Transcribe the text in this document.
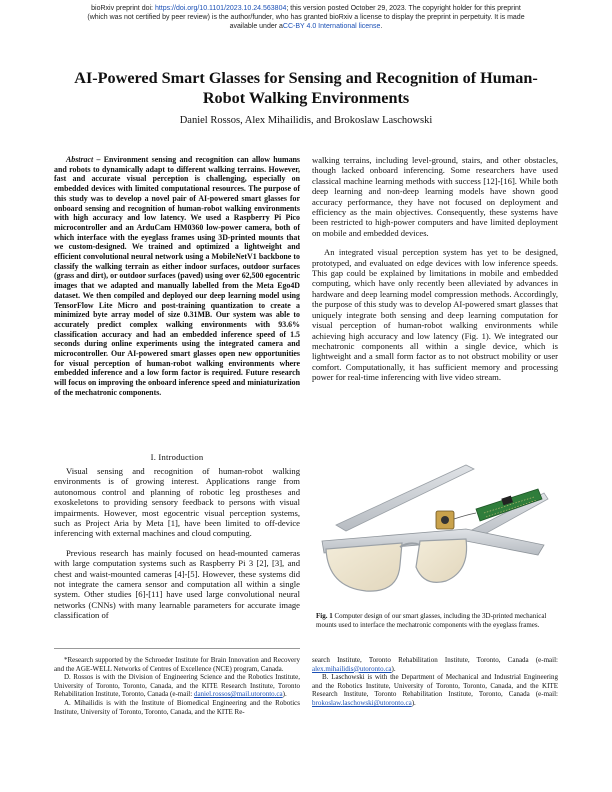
bioRxiv preprint doi: https://doi.org/10.1101/2023.10.24.563804; this version posted October 29, 2023. The copyright holder for this preprint
(which was not certified by peer review) is the author/funder, who has granted bioRxiv a license to display the preprint in perpetuity. It is made
available under aCC-BY 4.0 International license.
AI-Powered Smart Glasses for Sensing and Recognition of Human-Robot Walking Environments
Daniel Rossos, Alex Mihailidis, and Brokoslaw Laschowski

Abstract – Environment sensing and recognition can allow humans and robots to dynamically adapt to different walking terrains. However, fast and accurate visual perception is challenging, especially on embedded devices with limited computational resources. The purpose of this study was to develop a novel pair of AI-powered smart glasses for onboard sensing and recognition of human-robot walking environments with high accuracy and low latency. We used a Raspberry Pi Pico microcontroller and an ArduCam HM0360 low-power camera, both of which interface with the eyeglass frames using 3D-printed mounts that we custom-designed. We trained and optimized a lightweight and efficient convolutional neural network using a MobileNetV1 backbone to classify the walking terrain as either indoor surfaces, outdoor surfaces (grass and dirt), or outdoor surfaces (paved) using over 62,500 egocentric images that we adapted and manually labelled from the Meta Ego4D dataset. We then compiled and deployed our deep learning model using TensorFlow Lite Micro and post-training quantization to create a minimized byte array model of size 0.31MB. Our system was able to accurately predict complex walking environments with 93.6% classification accuracy and had an embedded inference speed of 1.5 seconds during online experiments using the integrated camera and microcontroller. Our AI-powered smart glasses open new opportunities for visual perception of human-robot walking environments where embedded inference and a low form factor is required. Future research will focus on improving the onboard inference speed and miniaturization of the mechatronic components.

I. Introduction

Visual sensing and recognition of human-robot walking environments is of growing interest. Applications range from autonomous control and planning of robotic leg prostheses and exoskeletons to providing sensory feedback to persons with visual impairments. However, most egocentric visual perception systems, such as Project Aria by Meta [1], have been limited to off-device inferencing with external machines and cloud computing.

Previous research has mainly focused on head-mounted cameras with large computation systems such as Raspberry Pi 3 [2], [3], and chest and waist-mounted cameras [4]-[5]. However, these systems did not integrate the camera sensor and computation all within a single system. Other studies [6]-[11] have used large convolutional neural networks (CNNs) with many learnable parameters for accurate image classification of

walking terrains, including level-ground, stairs, and other obstacles, though lacked onboard inferencing. Some researchers have used classical machine learning methods with success [12]-[16]. While both deep learning and non-deep learning models have shown good accuracy performance, they have not focused on deployment and efficiency as the main objectives. Consequently, these systems have been restricted to high-power computers and have limited deployment on mobile and embedded devices.

An integrated visual perception system has yet to be designed, prototyped, and evaluated on edge devices with low inference speeds. This gap could be explained by limitations in mobile and embedded computing, which have only recently been alleviated by advances in hardware and deep learning model compression methods. Accordingly, the purpose of this study was to develop AI-powered smart glasses that uniquely integrate both sensing and deep learning computation for visual perception of human-robot walking environments while achieving high accuracy and low latency (Fig. 1). We integrated our mechatronic components all within a single device, which is lightweight and a small form factor as to not obstruct mobility or user comfort. Computationally, it has sufficient memory and processing power for real-time inferencing with live video stream.

Fig. 1 Computer design of our smart glasses, including the 3D-printed mechanical mounts used to interface the mechatronic components with the eyeglass frames.

*Research supported by the Schroeder Institute for Brain Innovation and Recovery and the AGE-WELL Networks of Centres of Excellence (NCE) program, Canada.

D. Rossos is with the Division of Engineering Science and the Robotics Institute, University of Toronto, Toronto, Canada, and the KITE Research Institute, Toronto Rehabilitation Institute, Toronto, Canada (e-mail: daniel.rossos@mail.utoronto.ca).

A. Mihailidis is with the Institute of Biomedical Engineering and the Robotics Institute, University of Toronto, Toronto, Canada, and the KITE Re-

search Institute, Toronto Rehabilitation Institute, Toronto, Canada (e-mail: alex.mihailidis@utoronto.ca).

B. Laschowski is with the Department of Mechanical and Industrial Engineering and the Robotics Institute, University of Toronto, Toronto, Canada, and the KITE Research Institute, Toronto Rehabilitation Institute, Toronto, Canada (e-mail: brokoslaw.laschowski@utoronto.ca).
